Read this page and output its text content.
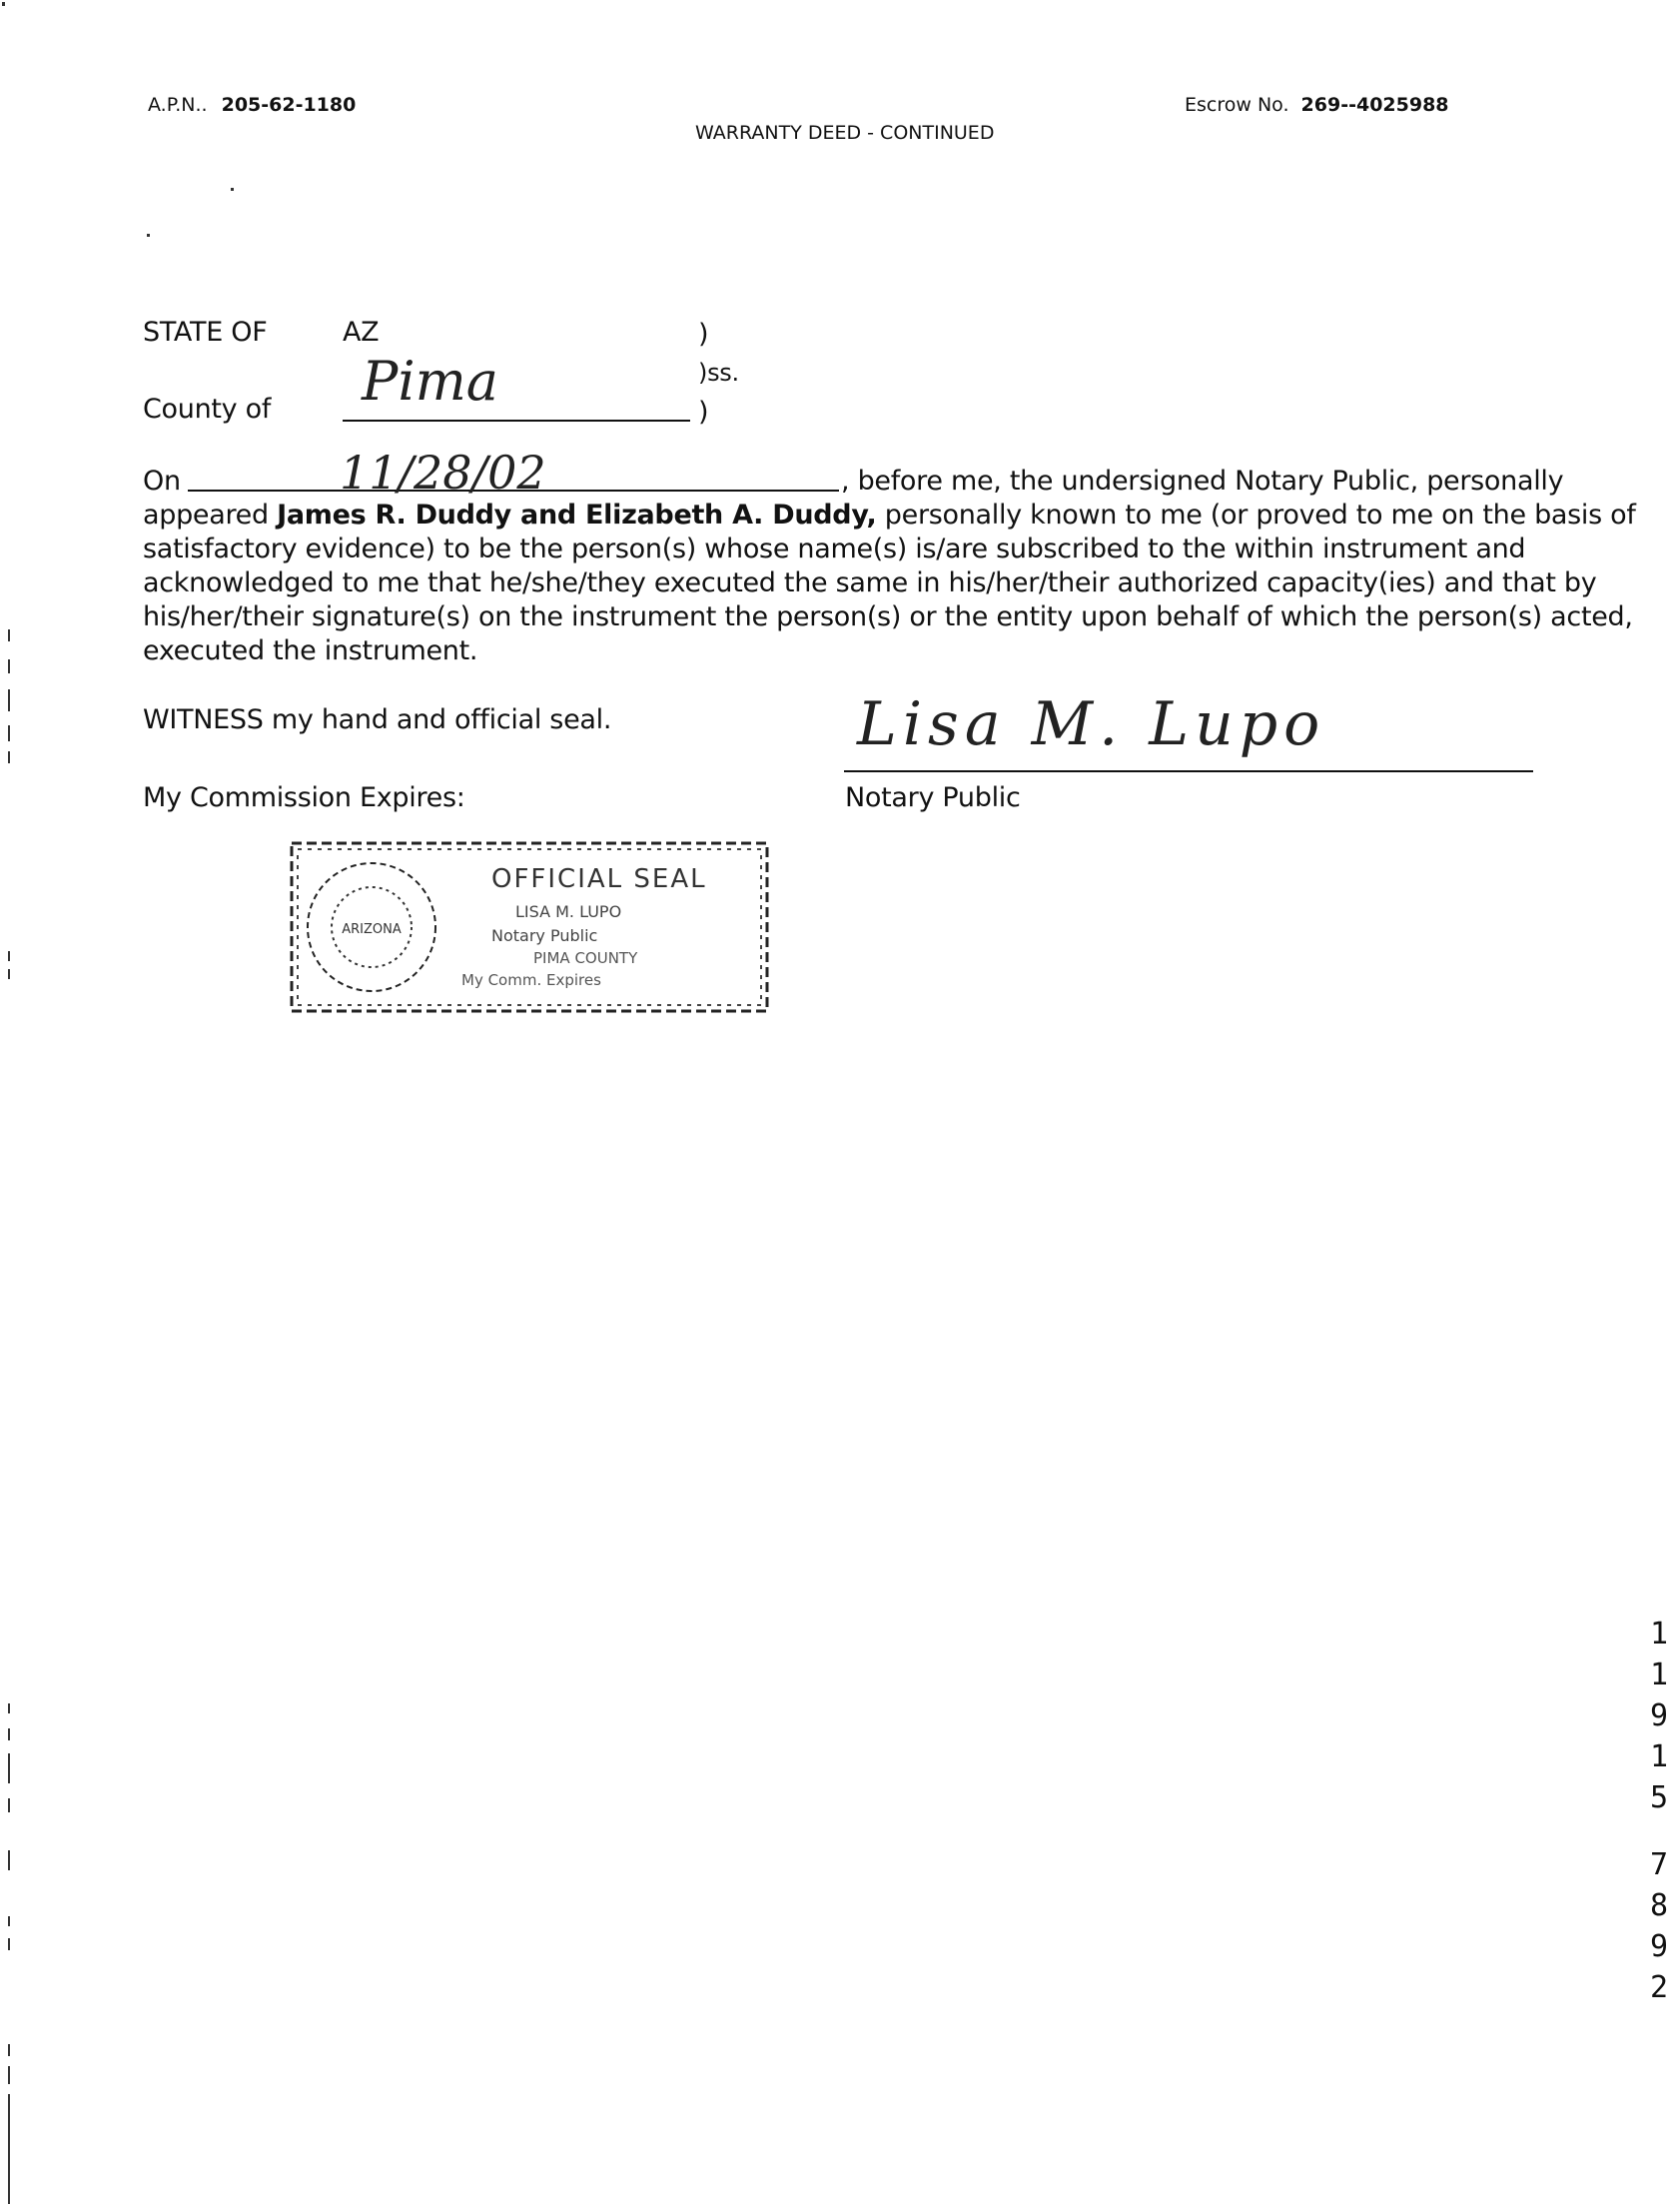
A.P.N.. 205-62-1180	Escrow No. 269--4025988
WARRANTY DEED - CONTINUED
STATE OF	AZ	)
)ss.
County of Pima	)
On	11/28/02	, before me, the undersigned Notary Public, personally
appeared James R. Duddy and Elizabeth A. Duddy, personally known to me (or proved to me on the basis of
satisfactory evidence) to be the person(s) whose name(s) is/are subscribed to the within instrument and
acknowledged to me that he/she/they executed the same in his/her/their authorized capacity(ies) and that by
his/her/their signature(s) on the instrument the person(s) or the entity upon behalf of which the person(s) acted,
executed the instrument.
WITNESS my hand and official seal.	Lisa M. Lupo
My Commission Expires:	Notary Public
ARIZONA
OFFICIAL SEAL
LISA M. LUPO
Notary Public
PIMA COUNTY
My Comm. Expires
1
1
9
1
5
7
8
9
2
